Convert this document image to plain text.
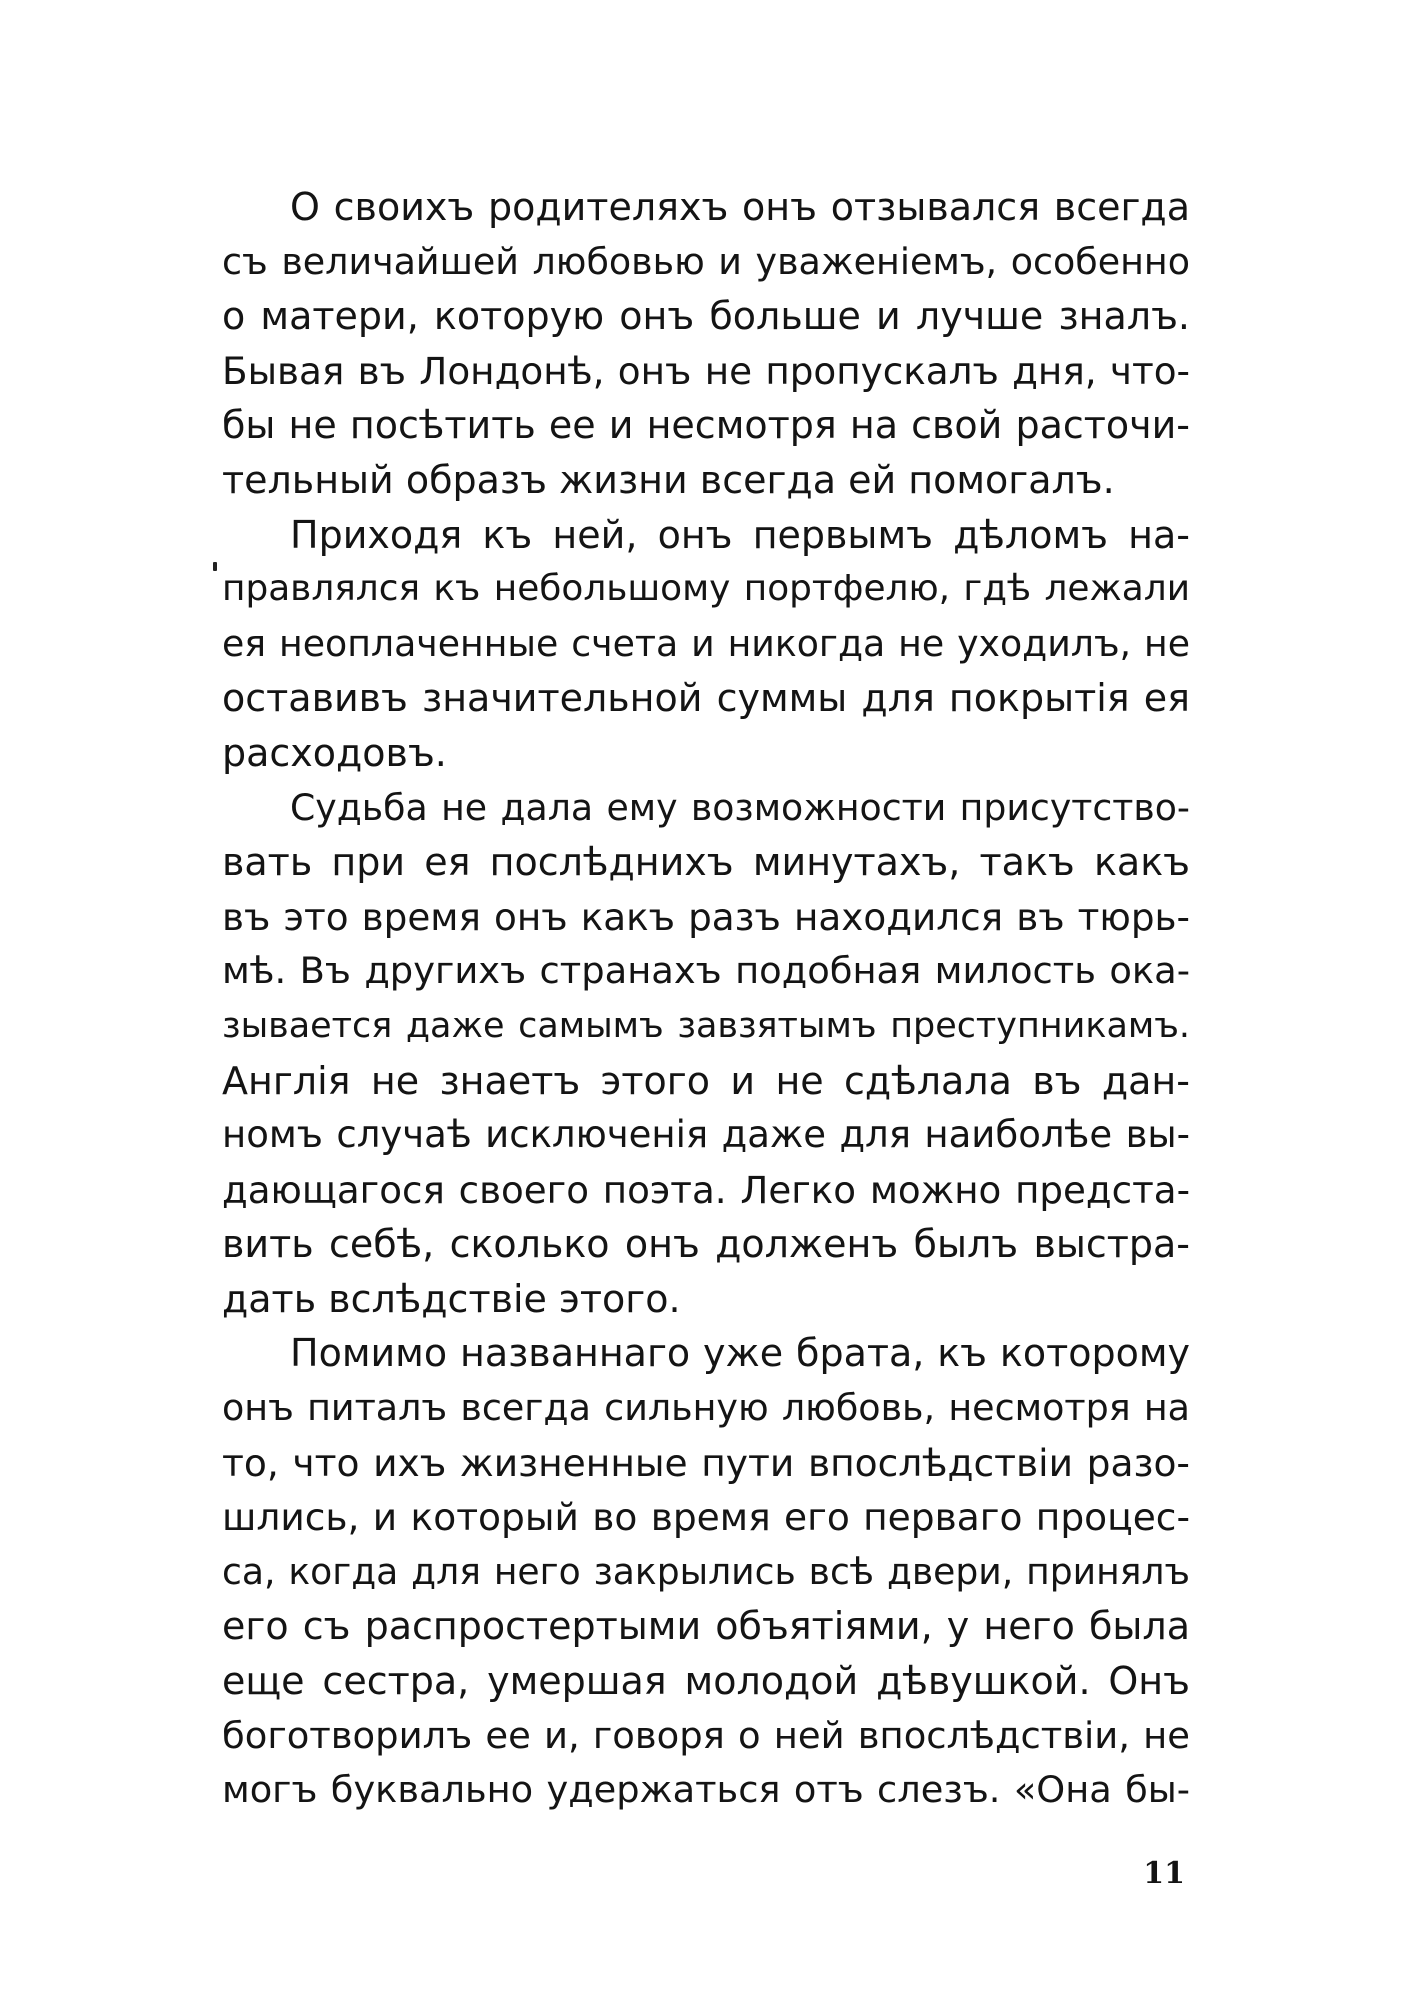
О своихъ родителяхъ онъ отзывался всегда
съ величайшей любовью и уваженіемъ, особенно
о матери, которую онъ больше и лучше зналъ.
Бывая въ Лондонѣ, онъ не пропускалъ дня, что-
бы не посѣтить ее и несмотря на свой расточи-
тельный образъ жизни всегда ей помогалъ.
Приходя къ ней, онъ первымъ дѣломъ на-
правлялся къ небольшому портфелю, гдѣ лежали
ея неоплаченные счета и никогда не уходилъ, не
оставивъ значительной суммы для покрытія ея
расходовъ.
Судьба не дала ему возможности присутство-
вать при ея послѣднихъ минутахъ, такъ какъ
въ это время онъ какъ разъ находился въ тюрь-
мѣ. Въ другихъ странахъ подобная милость ока-
зывается даже самымъ завзятымъ преступникамъ.
Англія не знаетъ этого и не сдѣлала въ дан-
номъ случаѣ исключенія даже для наиболѣе вы-
дающагося своего поэта. Легко можно предста-
вить себѣ, сколько онъ долженъ былъ выстра-
дать вслѣдствіе этого.
Помимо названнаго уже брата, къ которому
онъ питалъ всегда сильную любовь, несмотря на
то, что ихъ жизненные пути впослѣдствіи разо-
шлись, и который во время его перваго процес-
са, когда для него закрылись всѣ двери, принялъ
его съ распростертыми объятіями, у него была
еще сестра, умершая молодой дѣвушкой. Онъ
боготворилъ ее и, говоря о ней впослѣдствіи, не
могъ буквально удержаться отъ слезъ. «Она бы-
11
